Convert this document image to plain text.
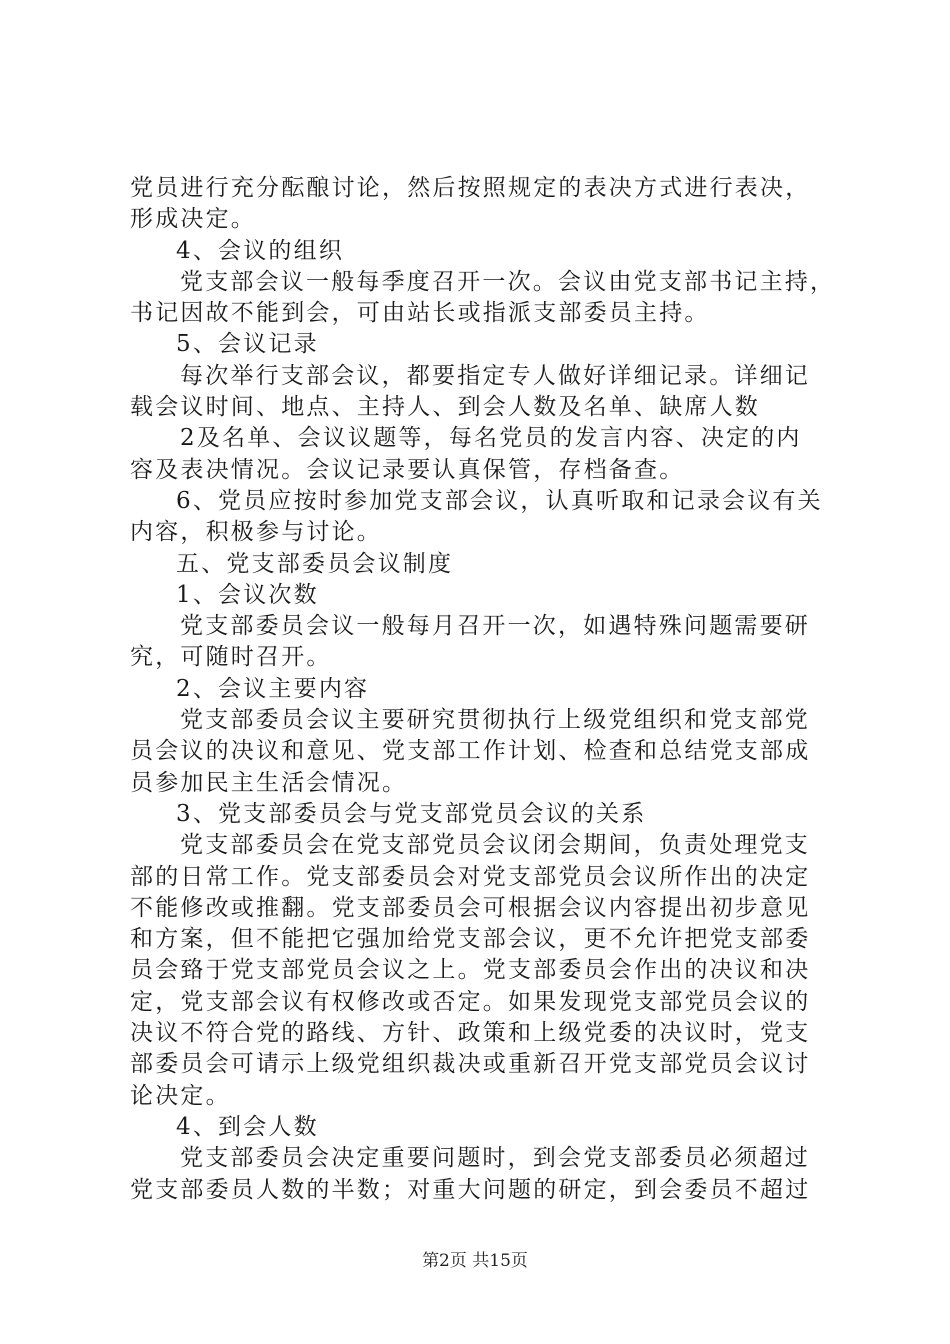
党员进行充分酝酿讨论，然后按照规定的表决方式进行表决，
形成决定。
4、会议的组织
党支部会议一般每季度召开一次。会议由党支部书记主持，
书记因故不能到会，可由站长或指派支部委员主持。
5、会议记录
每次举行支部会议，都要指定专人做好详细记录。详细记
载会议时间、地点、主持人、到会人数及名单、缺席人数
2及名单、会议议题等，每名党员的发言内容、决定的内
容及表决情况。会议记录要认真保管，存档备查。
6、党员应按时参加党支部会议，认真听取和记录会议有关
内容，积极参与讨论。
五、党支部委员会议制度
1、会议次数
党支部委员会议一般每月召开一次，如遇特殊问题需要研
究，可随时召开。
2、会议主要内容
党支部委员会议主要研究贯彻执行上级党组织和党支部党
员会议的决议和意见、党支部工作计划、检查和总结党支部成
员参加民主生活会情况。
3、党支部委员会与党支部党员会议的关系
党支部委员会在党支部党员会议闭会期间，负责处理党支
部的日常工作。党支部委员会对党支部党员会议所作出的决定
不能修改或推翻。党支部委员会可根据会议内容提出初步意见
和方案，但不能把它强加给党支部会议，更不允许把党支部委
员会臵于党支部党员会议之上。党支部委员会作出的决议和决
定，党支部会议有权修改或否定。如果发现党支部党员会议的
决议不符合党的路线、方针、政策和上级党委的决议时，党支
部委员会可请示上级党组织裁决或重新召开党支部党员会议讨
论决定。
4、到会人数
党支部委员会决定重要问题时，到会党支部委员必须超过
党支部委员人数的半数；对重大问题的研定，到会委员不超过
第2页 共15页
